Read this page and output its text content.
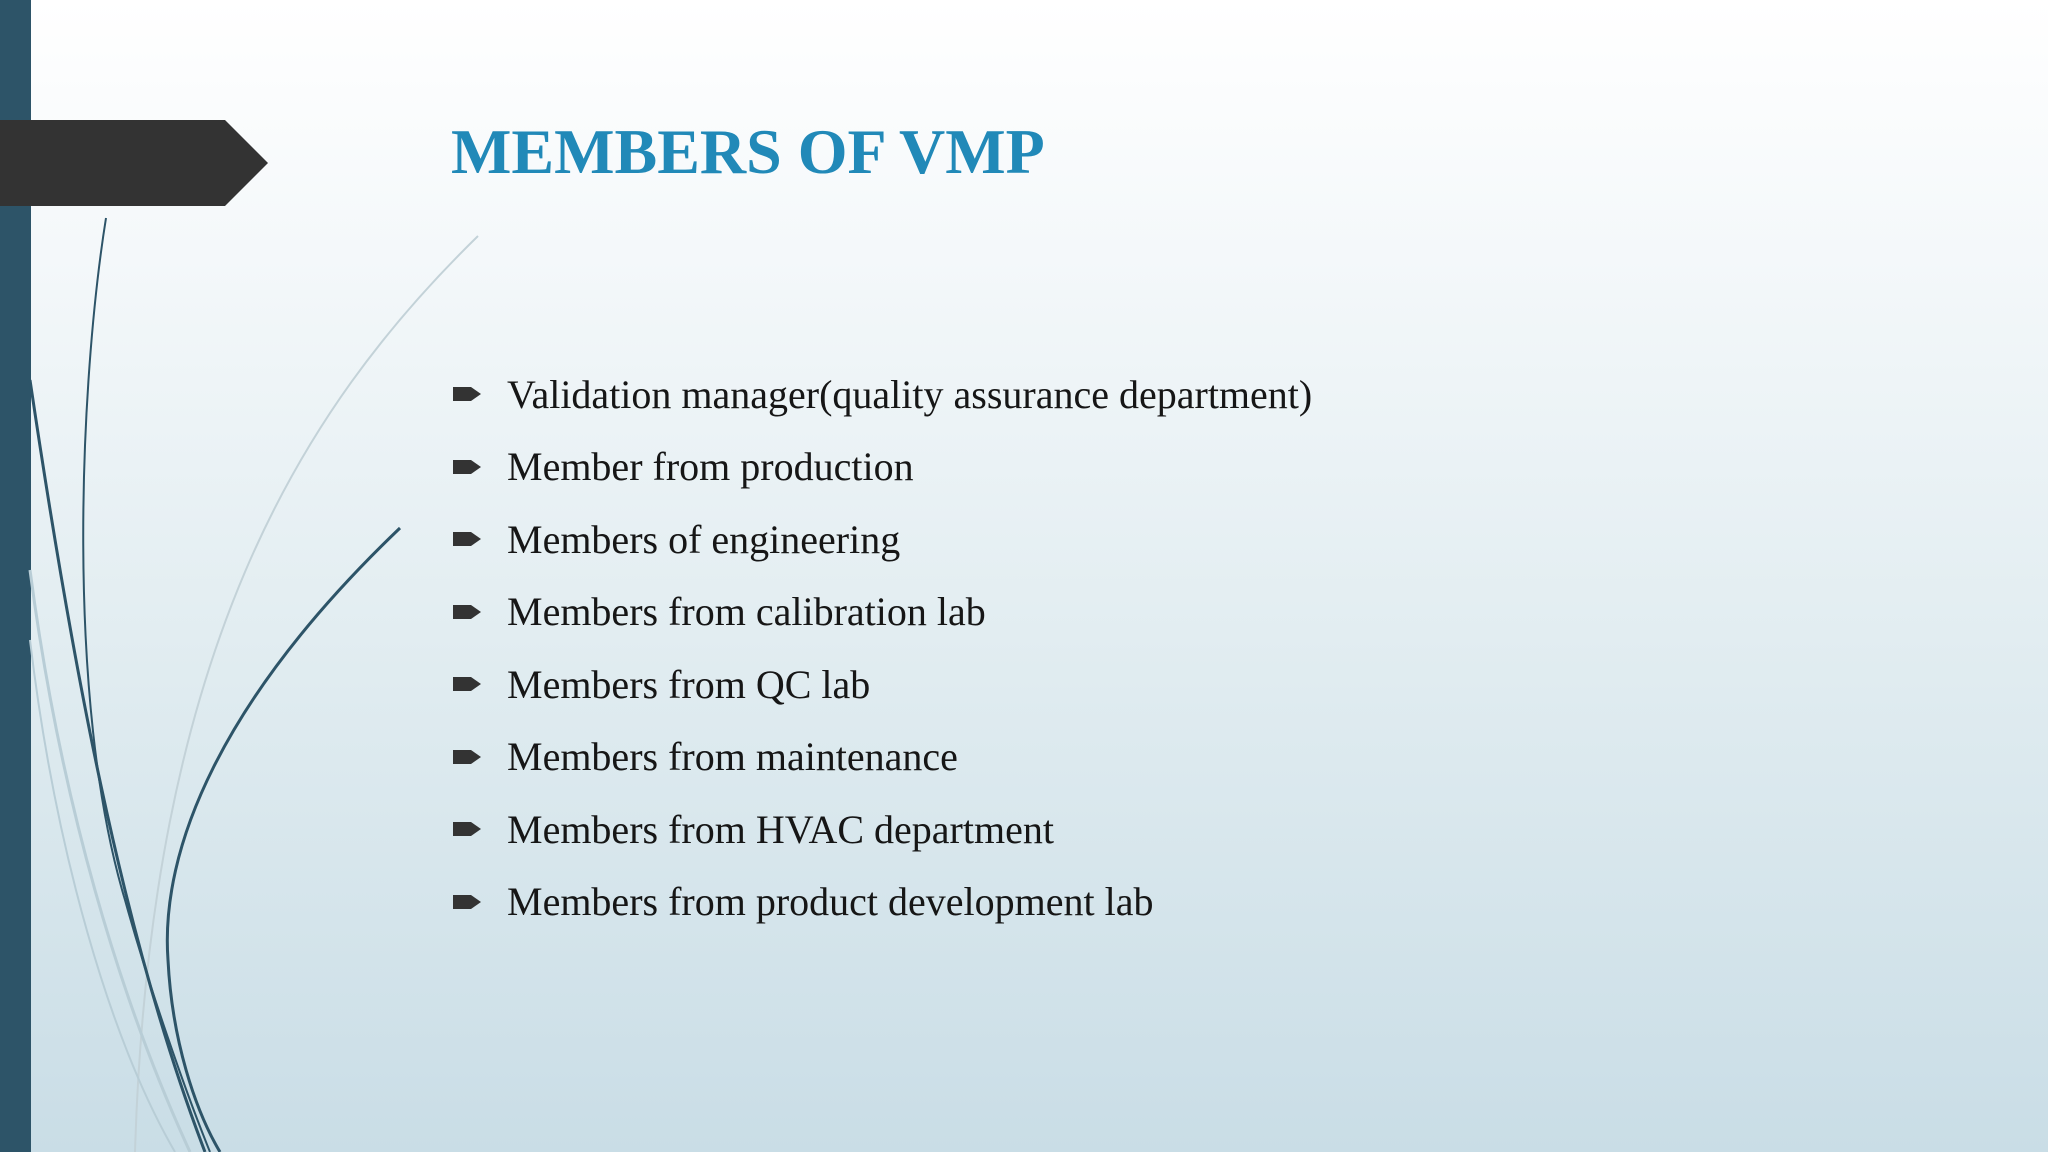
MEMBERS OF VMP
Validation manager(quality assurance department)
Member from production
Members of engineering
Members from calibration lab
Members from QC lab
Members from maintenance
Members from HVAC department
Members from product development lab
